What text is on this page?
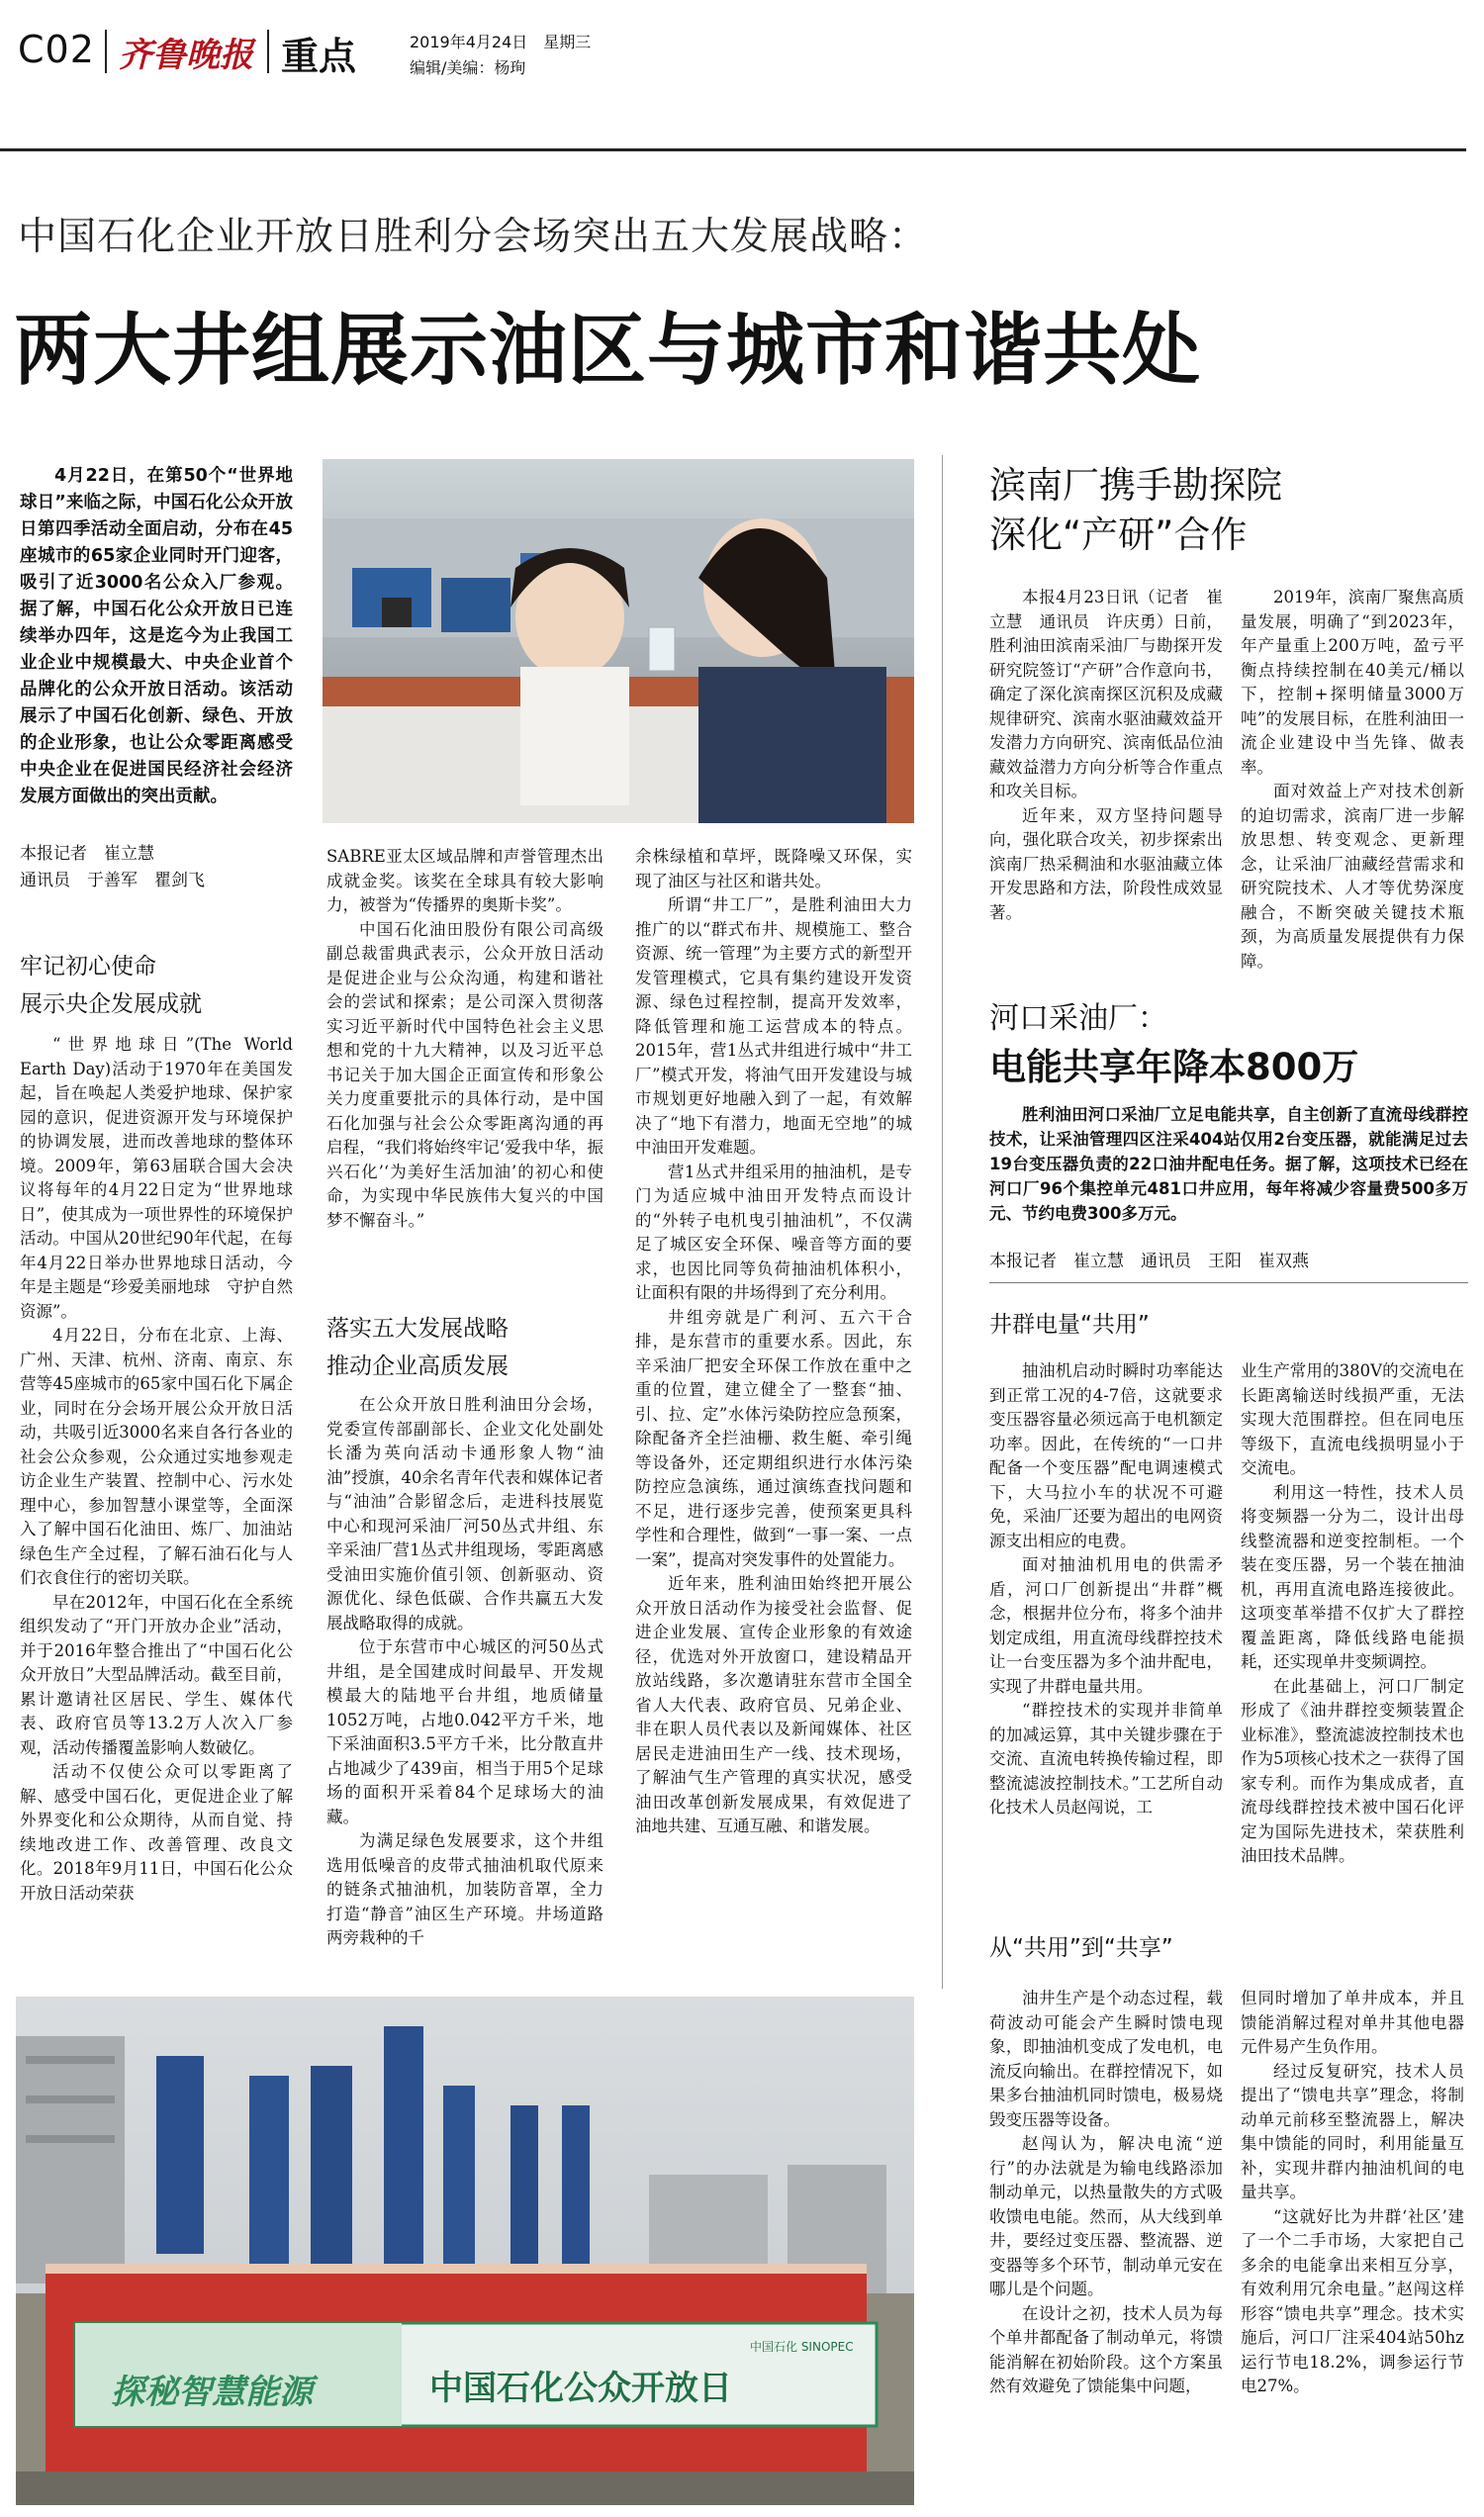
C02 齐鲁晚报 重点	2019年4月24日　星期三
编辑/美编：杨珣
中国石化企业开放日胜利分会场突出五大发展战略：
两大井组展示油区与城市和谐共处

4月22日，在第50个“世界地球日”来临之际，中国石化公众开放日第四季活动全面启动，分布在45座城市的65家企业同时开门迎客，吸引了近3000名公众入厂参观。据了解，中国石化公众开放日已连续举办四年，这是迄今为止我国工业企业中规模最大、中央企业首个品牌化的公众开放日活动。该活动展示了中国石化创新、绿色、开放的企业形象，也让公众零距离感受中央企业在促进国民经济社会经济发展方面做出的突出贡献。

本报记者　崔立慧
通讯员　于善军　瞿剑飞
牢记初心使命
展示央企发展成就

“世界地球日”(The World Earth Day)活动于1970年在美国发起，旨在唤起人类爱护地球、保护家园的意识，促进资源开发与环境保护的协调发展，进而改善地球的整体环境。2009年，第63届联合国大会决议将每年的4月22日定为“世界地球日”，使其成为一项世界性的环境保护活动。中国从20世纪90年代起，在每年4月22日举办世界地球日活动，今年是主题是“珍爱美丽地球　守护自然资源”。

4月22日，分布在北京、上海、广州、天津、杭州、济南、南京、东营等45座城市的65家中国石化下属企业，同时在分会场开展公众开放日活动，共吸引近3000名来自各行各业的社会公众参观，公众通过实地参观走访企业生产装置、控制中心、污水处理中心，参加智慧小课堂等，全面深入了解中国石化油田、炼厂、加油站绿色生产全过程，了解石油石化与人们衣食住行的密切关联。

早在2012年，中国石化在全系统组织发动了“开门开放办企业”活动，并于2016年整合推出了“中国石化公众开放日”大型品牌活动。截至目前，累计邀请社区居民、学生、媒体代表、政府官员等13.2万人次入厂参观，活动传播覆盖影响人数破亿。

活动不仅使公众可以零距离了解、感受中国石化，更促进企业了解外界变化和公众期待，从而自觉、持续地改进工作、改善管理、改良文化。2018年9月11日，中国石化公众开放日活动荣获

SABRE亚太区域品牌和声誉管理杰出成就金奖。该奖在全球具有较大影响力，被誉为“传播界的奥斯卡奖”。

中国石化油田股份有限公司高级副总裁雷典武表示，公众开放日活动是促进企业与公众沟通，构建和谐社会的尝试和探索；是公司深入贯彻落实习近平新时代中国特色社会主义思想和党的十九大精神，以及习近平总书记关于加大国企正面宣传和形象公关力度重要批示的具体行动，是中国石化加强与社会公众零距离沟通的再启程，“我们将始终牢记‘爱我中华，振兴石化’‘为美好生活加油’的初心和使命，为实现中华民族伟大复兴的中国梦不懈奋斗。”

落实五大发展战略
推动企业高质发展

在公众开放日胜利油田分会场，党委宣传部副部长、企业文化处副处长潘为英向活动卡通形象人物“油油”授旗，40余名青年代表和媒体记者与“油油”合影留念后，走进科技展览中心和现河采油厂河50丛式井组、东辛采油厂营1丛式井组现场，零距离感受油田实施价值引领、创新驱动、资源优化、绿色低碳、合作共赢五大发展战略取得的成就。

位于东营市中心城区的河50丛式井组，是全国建成时间最早、开发规模最大的陆地平台井组，地质储量1052万吨，占地0.042平方千米，地下采油面积3.5平方千米，比分散直井占地减少了439亩，相当于用5个足球场的面积开采着84个足球场大的油藏。

为满足绿色发展要求，这个井组选用低噪音的皮带式抽油机取代原来的链条式抽油机，加装防音罩，全力打造“静音”油区生产环境。井场道路两旁栽种的千

余株绿植和草坪，既降噪又环保，实现了油区与社区和谐共处。

所谓“井工厂”，是胜利油田大力推广的以“群式布井、规模施工、整合资源、统一管理”为主要方式的新型开发管理模式，它具有集约建设开发资源、绿色过程控制，提高开发效率，降低管理和施工运营成本的特点。2015年，营1丛式井组进行城中“井工厂”模式开发，将油气田开发建设与城市规划更好地融入到了一起，有效解决了“地下有潜力，地面无空地”的城中油田开发难题。

营1丛式井组采用的抽油机，是专门为适应城中油田开发特点而设计的“外转子电机曳引抽油机”，不仅满足了城区安全环保、噪音等方面的要求，也因比同等负荷抽油机体积小，让面积有限的井场得到了充分利用。

井组旁就是广利河、五六干合排，是东营市的重要水系。因此，东辛采油厂把安全环保工作放在重中之重的位置，建立健全了一整套“抽、引、拉、定”水体污染防控应急预案，除配备齐全拦油栅、救生艇、牵引绳等设备外，还定期组织进行水体污染防控应急演练，通过演练查找问题和不足，进行逐步完善，使预案更具科学性和合理性，做到“一事一案、一点一案”，提高对突发事件的处置能力。

近年来，胜利油田始终把开展公众开放日活动作为接受社会监督、促进企业发展、宣传企业形象的有效途径，优选对外开放窗口，建设精品开放站线路，多次邀请驻东营市全国全省人大代表、政府官员、兄弟企业、非在职人员代表以及新闻媒体、社区居民走进油田生产一线、技术现场，了解油气生产管理的真实状况，感受油田改革创新发展成果，有效促进了油地共建、互通互融、和谐发展。

滨南厂携手勘探院
深化“产研”合作

本报4月23日讯（记者　崔立慧　通讯员　许庆勇）日前，胜利油田滨南采油厂与勘探开发研究院签订“产研”合作意向书，确定了深化滨南探区沉积及成藏规律研究、滨南水驱油藏效益开发潜力方向研究、滨南低品位油藏效益潜力方向分析等合作重点和攻关目标。

近年来，双方坚持问题导向，强化联合攻关，初步探索出滨南厂热采稠油和水驱油藏立体开发思路和方法，阶段性成效显著。

2019年，滨南厂聚焦高质量发展，明确了“到2023年，年产量重上200万吨，盈亏平衡点持续控制在40美元/桶以下，控制+探明储量3000万吨”的发展目标，在胜利油田一流企业建设中当先锋、做表率。

面对效益上产对技术创新的迫切需求，滨南厂进一步解放思想、转变观念、更新理念，让采油厂油藏经营需求和研究院技术、人才等优势深度融合，不断突破关键技术瓶颈，为高质量发展提供有力保障。

河口采油厂：
电能共享年降本800万

胜利油田河口采油厂立足电能共享，自主创新了直流母线群控技术，让采油管理四区注采404站仅用2台变压器，就能满足过去19台变压器负责的22口油井配电任务。据了解，这项技术已经在河口厂96个集控单元481口井应用，每年将减少容量费500多万元、节约电费300多万元。

本报记者　崔立慧　通讯员　王阳　崔双燕
井群电量“共用”

抽油机启动时瞬时功率能达到正常工况的4-7倍，这就要求变压器容量必须远高于电机额定功率。因此，在传统的“一口井配备一个变压器”配电调速模式下，大马拉小车的状况不可避免，采油厂还要为超出的电网资源支出相应的电费。

面对抽油机用电的供需矛盾，河口厂创新提出“井群”概念，根据井位分布，将多个油井划定成组，用直流母线群控技术让一台变压器为多个油井配电，实现了井群电量共用。

“群控技术的实现并非简单的加减运算，其中关键步骤在于交流、直流电转换传输过程，即整流滤波控制技术。”工艺所自动化技术人员赵闯说，工

业生产常用的380V的交流电在长距离输送时线损严重，无法实现大范围群控。但在同电压等级下，直流电线损明显小于交流电。

利用这一特性，技术人员将变频器一分为二，设计出母线整流器和逆变控制柜。一个装在变压器，另一个装在抽油机，再用直流电路连接彼此。这项变革举措不仅扩大了群控覆盖距离，降低线路电能损耗，还实现单井变频调控。

在此基础上，河口厂制定形成了《油井群控变频装置企业标准》，整流滤波控制技术也作为5项核心技术之一获得了国家专利。而作为集成成者，直流母线群控技术被中国石化评定为国际先进技术，荣获胜利油田技术品牌。

从“共用”到“共享”

油井生产是个动态过程，载荷波动可能会产生瞬时馈电现象，即抽油机变成了发电机，电流反向输出。在群控情况下，如果多台抽油机同时馈电，极易烧毁变压器等设备。

赵闯认为，解决电流“逆行”的办法就是为输电线路添加制动单元，以热量散失的方式吸收馈电电能。然而，从大线到单井，要经过变压器、整流器、逆变器等多个环节，制动单元安在哪儿是个问题。

在设计之初，技术人员为每个单井都配备了制动单元，将馈能消解在初始阶段。这个方案虽然有效避免了馈能集中问题，

但同时增加了单井成本，并且馈能消解过程对单井其他电器元件易产生负作用。

经过反复研究，技术人员提出了“馈电共享”理念，将制动单元前移至整流器上，解决集中馈能的同时，利用能量互补，实现井群内抽油机间的电量共享。

“这就好比为井群‘社区’建了一个二手市场，大家把自己多余的电能拿出来相互分享，有效利用冗余电量。”赵闯这样形容“馈电共享”理念。技术实施后，河口厂注采404站50hz运行节电18.2%，调参运行节电27%。

探秘智慧能源	中国石化公众开放日
中国石化 SINOPEC
